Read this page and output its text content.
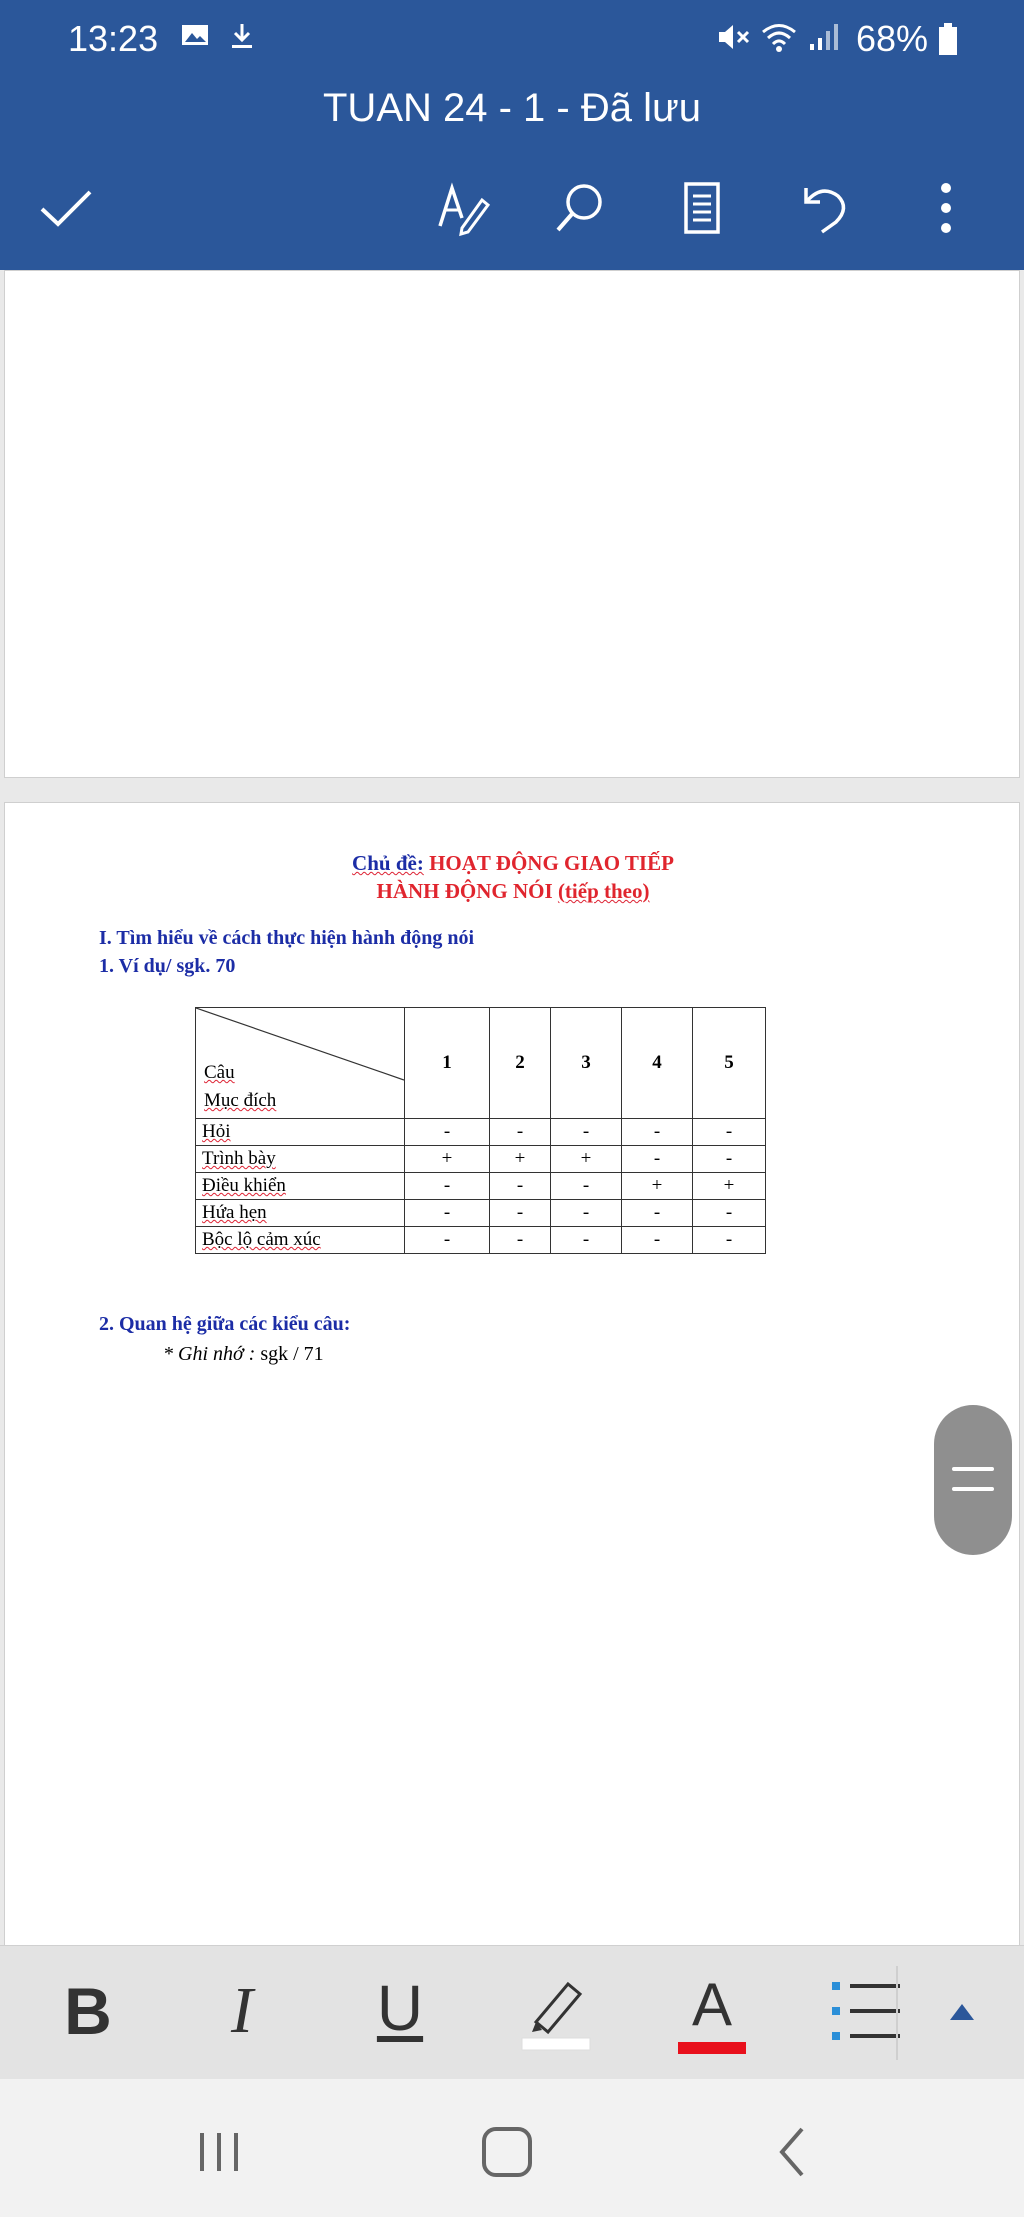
13:23	68%
TUAN 24 - 1 - Đã lưu
Chủ đề: HOẠT ĐỘNG GIAO TIẾP
HÀNH ĐỘNG NÓI (tiếp theo)
I. Tìm hiểu về cách thực hiện hành động nói
1. Ví dụ/ sgk. 70
Câu
Mục đích	1	2	3	4	5
Hỏi	-	-	-	-	-
Trình bày	+	+	+	-	-
Điều khiển	-	-	-	+	+
Hứa hẹn	-	-	-	-	-
Bộc lộ cảm xúc	-	-	-	-	-
2. Quan hệ giữa các kiểu câu:
* Ghi nhớ : sgk / 71
B	I	U	A
